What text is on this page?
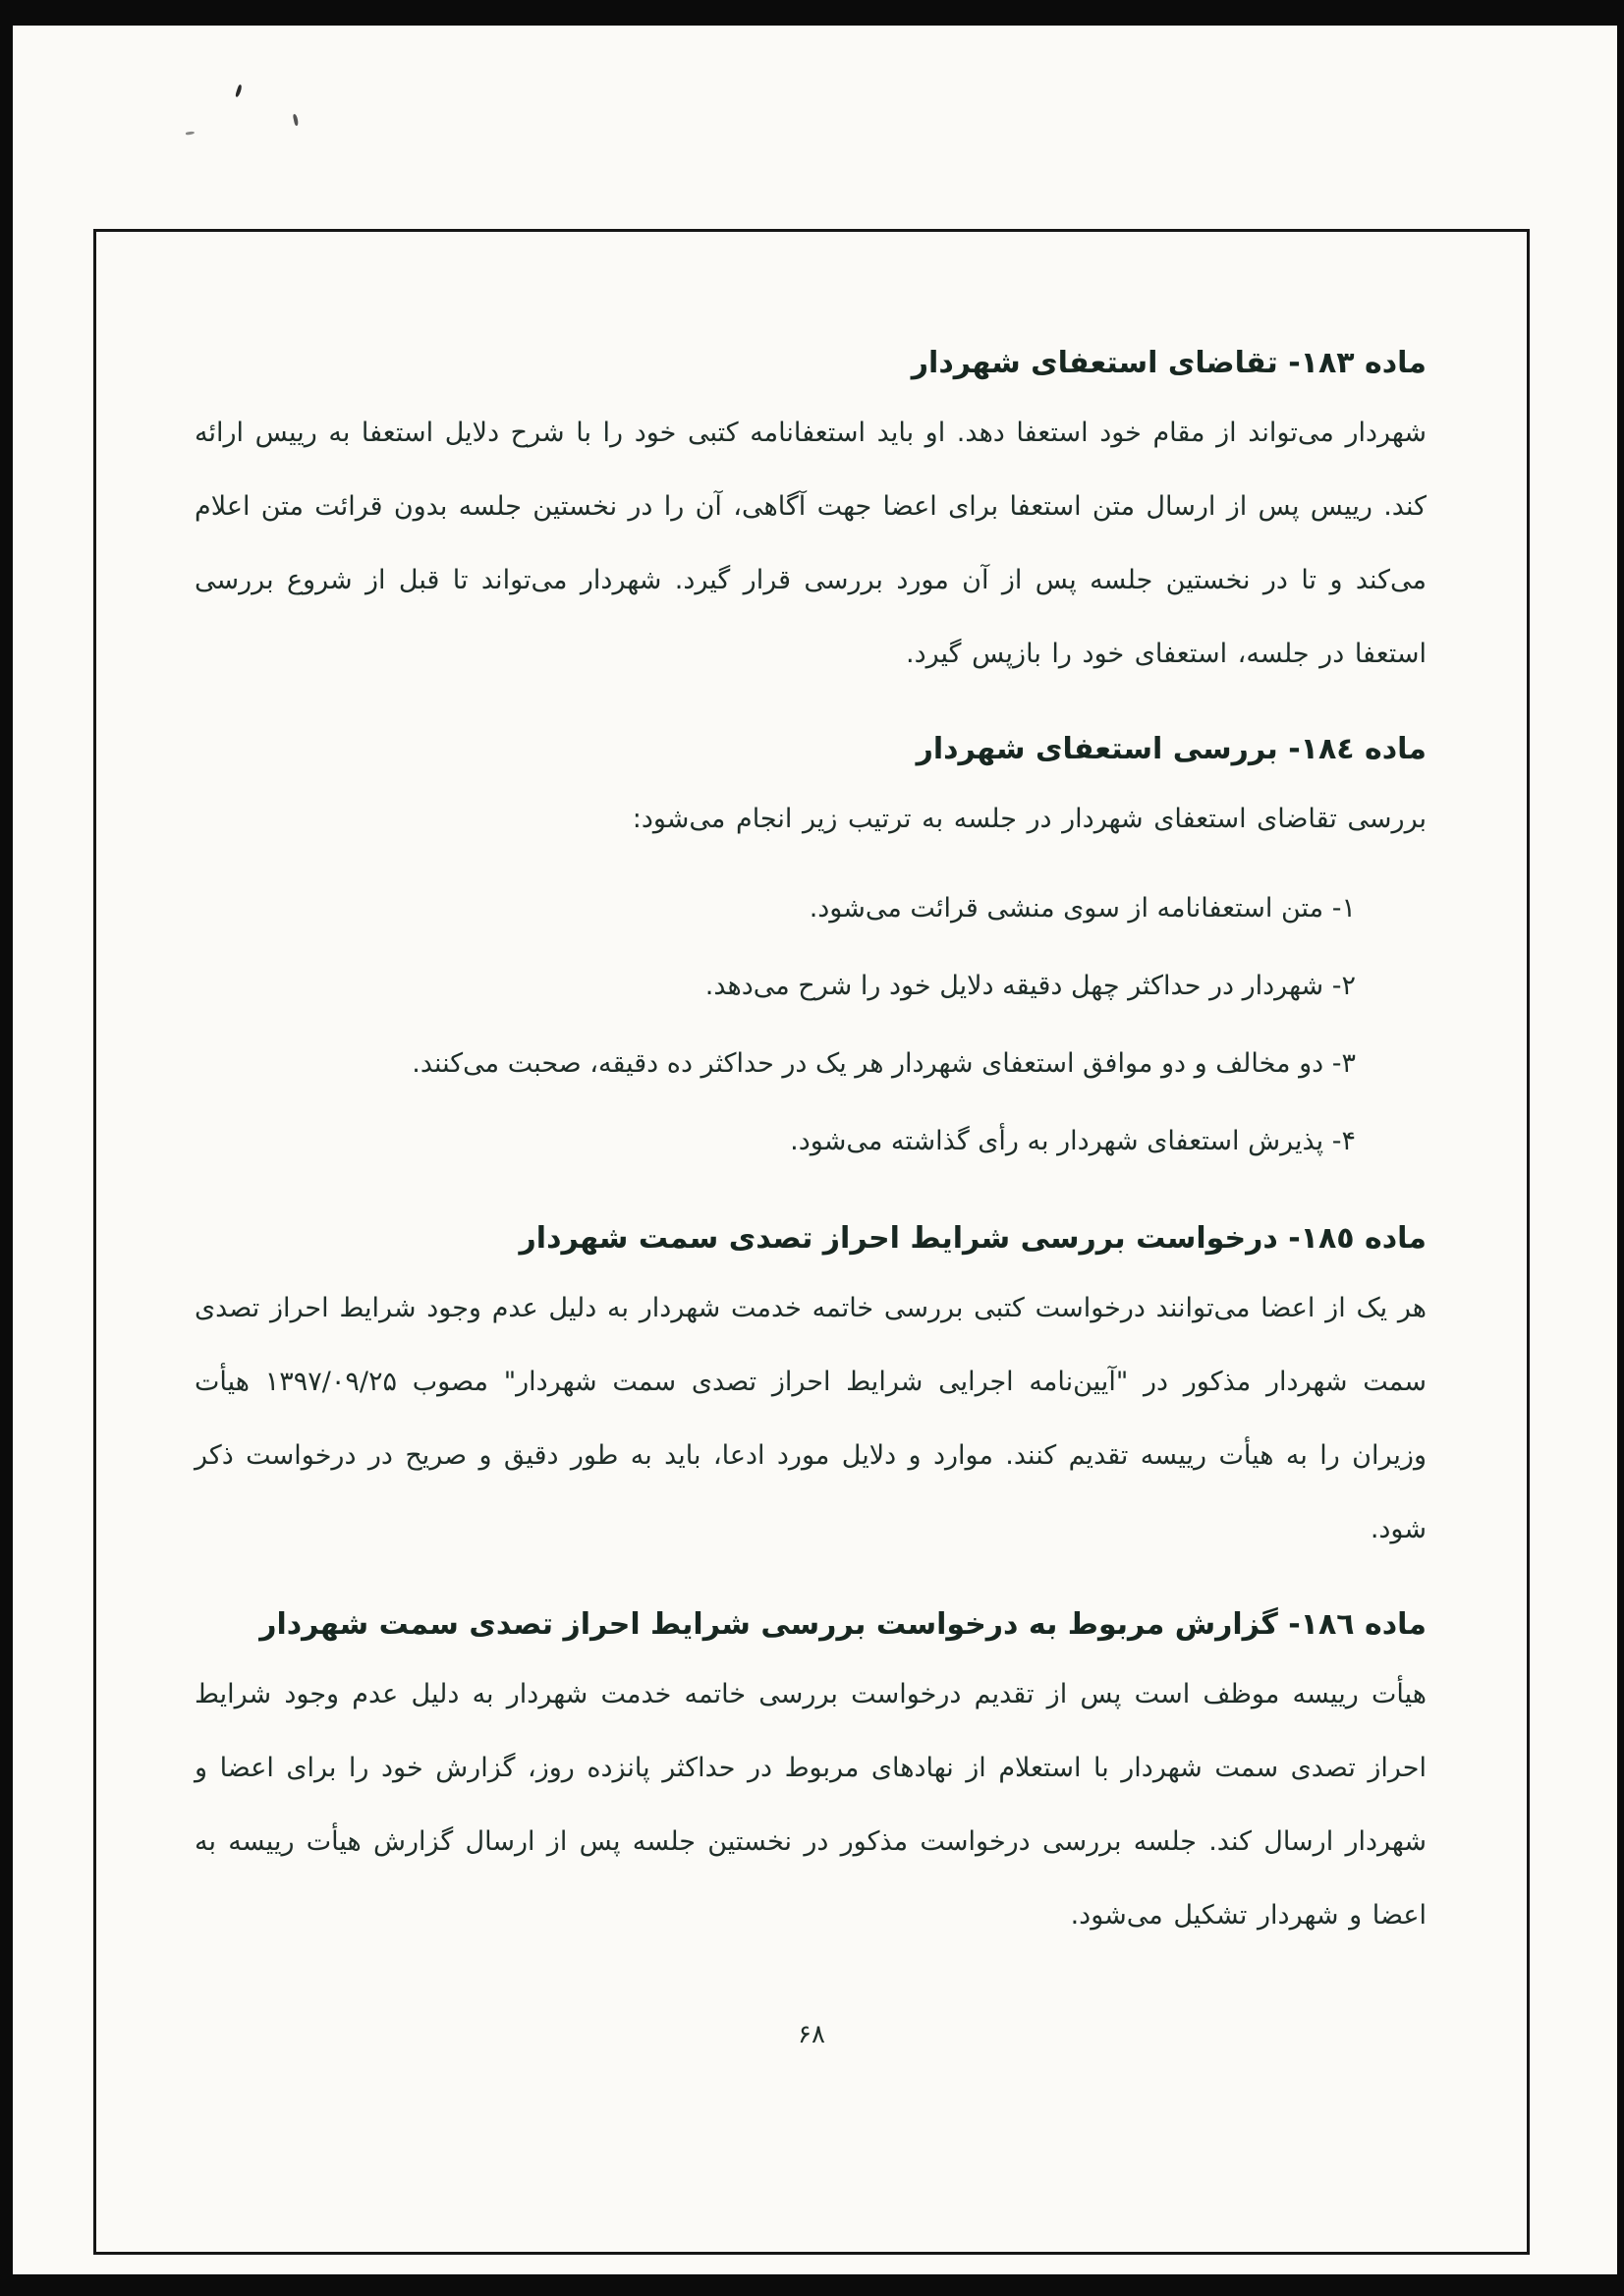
ماده ۱۸۳- تقاضای استعفای شهردار

شهردار می‌تواند از مقام خود استعفا دهد. او باید استعفانامه کتبی خود را با شرح دلایل استعفا به رییس ارائه کند. رییس پس از ارسال متن استعفا برای اعضا جهت آگاهی، آن را در نخستین جلسه بدون قرائت متن اعلام می‌کند و تا در نخستین جلسه پس از آن مورد بررسی قرار گیرد. شهردار می‌تواند تا قبل از شروع بررسی استعفا در جلسه، استعفای خود را بازپس گیرد.

ماده ١٨٤- بررسی استعفای شهردار

بررسی تقاضای استعفای شهردار در جلسه به ترتیب زیر انجام می‌شود:

۱- متن استعفانامه از سوی منشی قرائت می‌شود.

۲- شهردار در حداکثر چهل دقیقه دلایل خود را شرح می‌دهد.

۳- دو مخالف و دو موافق استعفای شهردار هر یک در حداکثر ده دقیقه، صحبت می‌کنند.

۴- پذیرش استعفای شهردار به رأی گذاشته می‌شود.

ماده ١٨٥- درخواست بررسی شرایط احراز تصدی سمت شهردار

هر یک از اعضا می‌توانند درخواست کتبی بررسی خاتمه خدمت شهردار به دلیل عدم وجود شرایط احراز تصدی سمت شهردار مذکور در "آیین‌نامه اجرایی شرایط احراز تصدی سمت شهردار" مصوب ۱۳۹۷/۰۹/۲۵ هیأت وزیران را به هیأت رییسه تقدیم کنند. موارد و دلایل مورد ادعا، باید به طور دقیق و صریح در درخواست ذکر شود.

ماده ١٨٦- گزارش مربوط به درخواست بررسی شرایط احراز تصدی سمت شهردار

هیأت رییسه موظف است پس از تقدیم درخواست بررسی خاتمه خدمت شهردار به دلیل عدم وجود شرایط احراز تصدی سمت شهردار با استعلام از نهادهای مربوط در حداکثر پانزده روز، گزارش خود را برای اعضا و شهردار ارسال کند. جلسه بررسی درخواست مذکور در نخستین جلسه پس از ارسال گزارش هیأت رییسه به اعضا و شهردار تشکیل می‌شود.

۶۸
